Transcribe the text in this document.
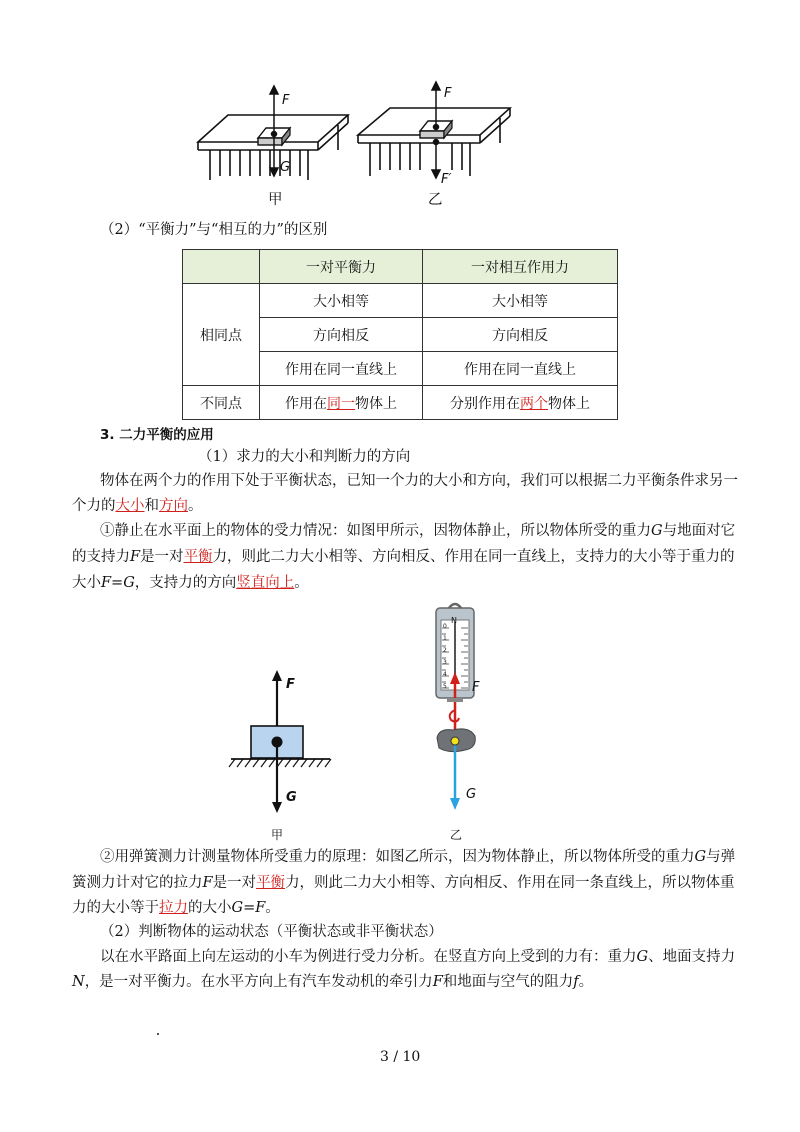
F
G
F
F′
甲	乙
（2）“平衡力”与“相互的力”的区别
	一对平衡力	一对相互作用力
相同点	大小相等	大小相等
	方向相反	方向相反
	作用在同一直线上	作用在同一直线上
不同点	作用在同一物体上	分别作用在两个物体上
3. 二力平衡的应用
（1）求力的大小和判断力的方向
物体在两个力的作用下处于平衡状态，已知一个力的大小和方向，我们可以根据二力平衡条件求另一
个力的大小和方向。
①静止在水平面上的物体的受力情况：如图甲所示，因物体静止，所以物体所受的重力G与地面对它
的支持力F是一对平衡力，则此二力大小相等、方向相反、作用在同一直线上，支持力的大小等于重力的
大小F=G，支持力的方向竖直向上。
F
G
甲
N
0
1
2
3
4
5 F
G
乙
②用弹簧测力计测量物体所受重力的原理：如图乙所示，因为物体静止，所以物体所受的重力G与弹
簧测力计对它的拉力F是一对平衡力，则此二力大小相等、方向相反、作用在同一条直线上，所以物体重
力的大小等于拉力的大小G=F。
（2）判断物体的运动状态（平衡状态或非平衡状态）
以在水平路面上向左运动的小车为例进行受力分析。在竖直方向上受到的力有：重力G、地面支持力
N，是一对平衡力。在水平方向上有汽车发动机的牵引力F和地面与空气的阻力f。
3 / 10
